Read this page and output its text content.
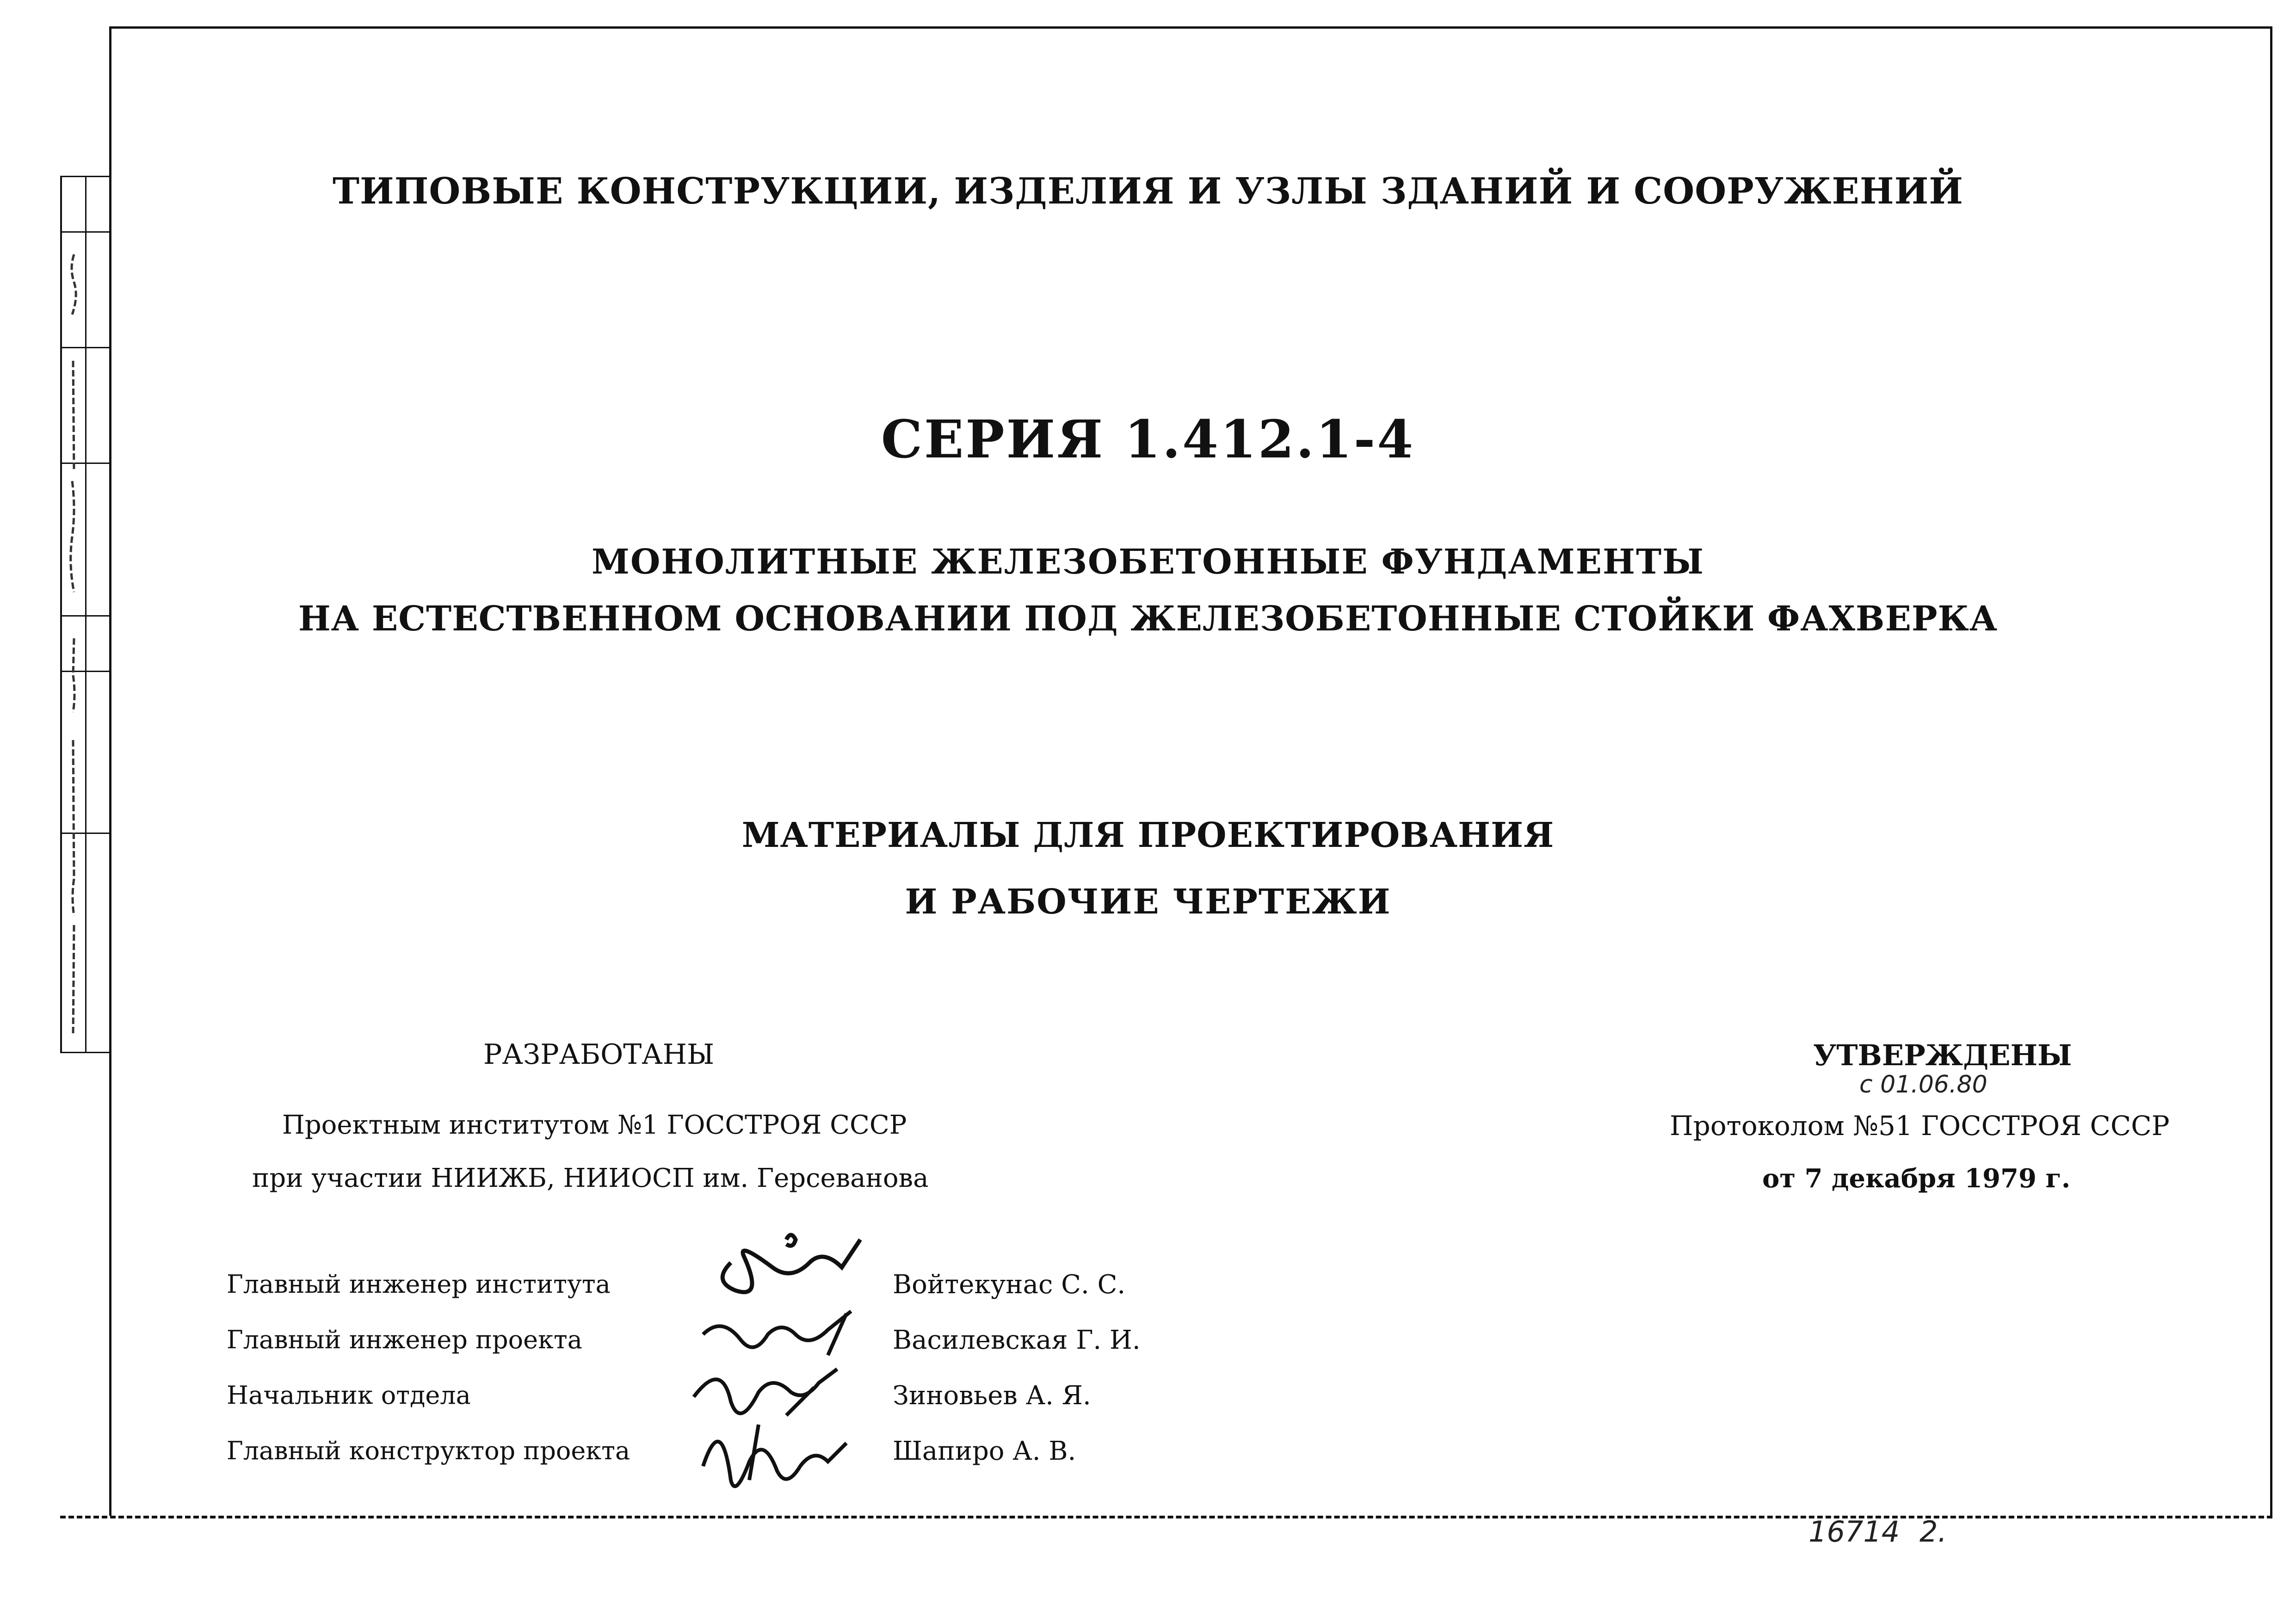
ТИПОВЫЕ КОНСТРУКЦИИ, ИЗДЕЛИЯ И УЗЛЫ ЗДАНИЙ И СООРУЖЕНИЙ
СЕРИЯ 1.412.1-4
МОНОЛИТНЫЕ ЖЕЛЕЗОБЕТОННЫЕ ФУНДАМЕНТЫ
НА ЕСТЕСТВЕННОМ ОСНОВАНИИ ПОД ЖЕЛЕЗОБЕТОННЫЕ СТОЙКИ ФАХВЕРКА
МАТЕРИАЛЫ ДЛЯ ПРОЕКТИРОВАНИЯ
И РАБОЧИЕ ЧЕРТЕЖИ
РАЗРАБОТАНЫ
Проектным институтом №1 ГОССТРОЯ СССР
при участии НИИЖБ, НИИОСП им. Герсеванова
УТВЕРЖДЕНЫ
с 01.06.80
Протоколом №51 ГОССТРОЯ СССР
от 7 декабря 1979 г.
Главный инженер института
Главный инженер проекта
Начальник отдела
Главный конструктор проекта
Войтекунас С. С.
Василевская Г. И.
Зиновьев А. Я.
Шапиро А. В.
16714 2.
